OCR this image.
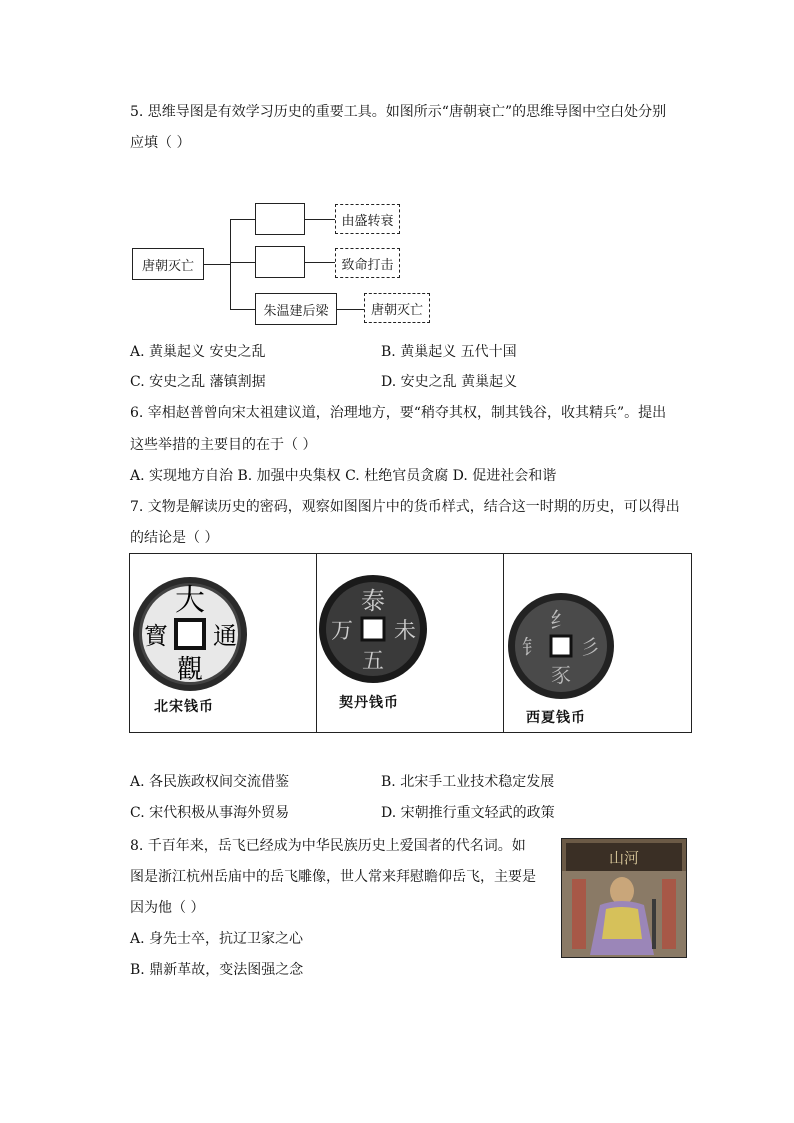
5. 思维导图是有效学习历史的重要工具。如图所示“唐朝衰亡”的思维导图中空白处分别
应填（ ）
唐朝灭亡
朱温建后梁
由盛转衰
致命打击
唐朝灭亡
A. 黄巢起义 安史之乱	B. 黄巢起义 五代十国
C. 安史之乱 藩镇割据	D. 安史之乱 黄巢起义
6. 宰相赵普曾向宋太祖建议道，治理地方，要“稍夺其权，制其钱谷，收其精兵”。提出
这些举措的主要目的在于（ ）
A. 实现地方自治 B. 加强中央集权 C. 杜绝官员贪腐 D. 促进社会和谐
7. 文物是解读历史的密码，观察如图图片中的货币样式，结合这一时期的历史，可以得出
的结论是（ ）
大
通
寳
觀
北宋钱币
泰
未
万
五
契丹钱币
纟
彡
钅
豕
西夏钱币
A. 各民族政权间交流借鉴	B. 北宋手工业技术稳定发展
C. 宋代积极从事海外贸易	D. 宋朝推行重文轻武的政策
8. 千百年来，岳飞已经成为中华民族历史上爱国者的代名词。如
图是浙江杭州岳庙中的岳飞雕像，世人常来拜慰瞻仰岳飞，主要是
因为他（ ）
A. 身先士卒，抗辽卫家之心
B. 鼎新革故，变法图强之念
山河
